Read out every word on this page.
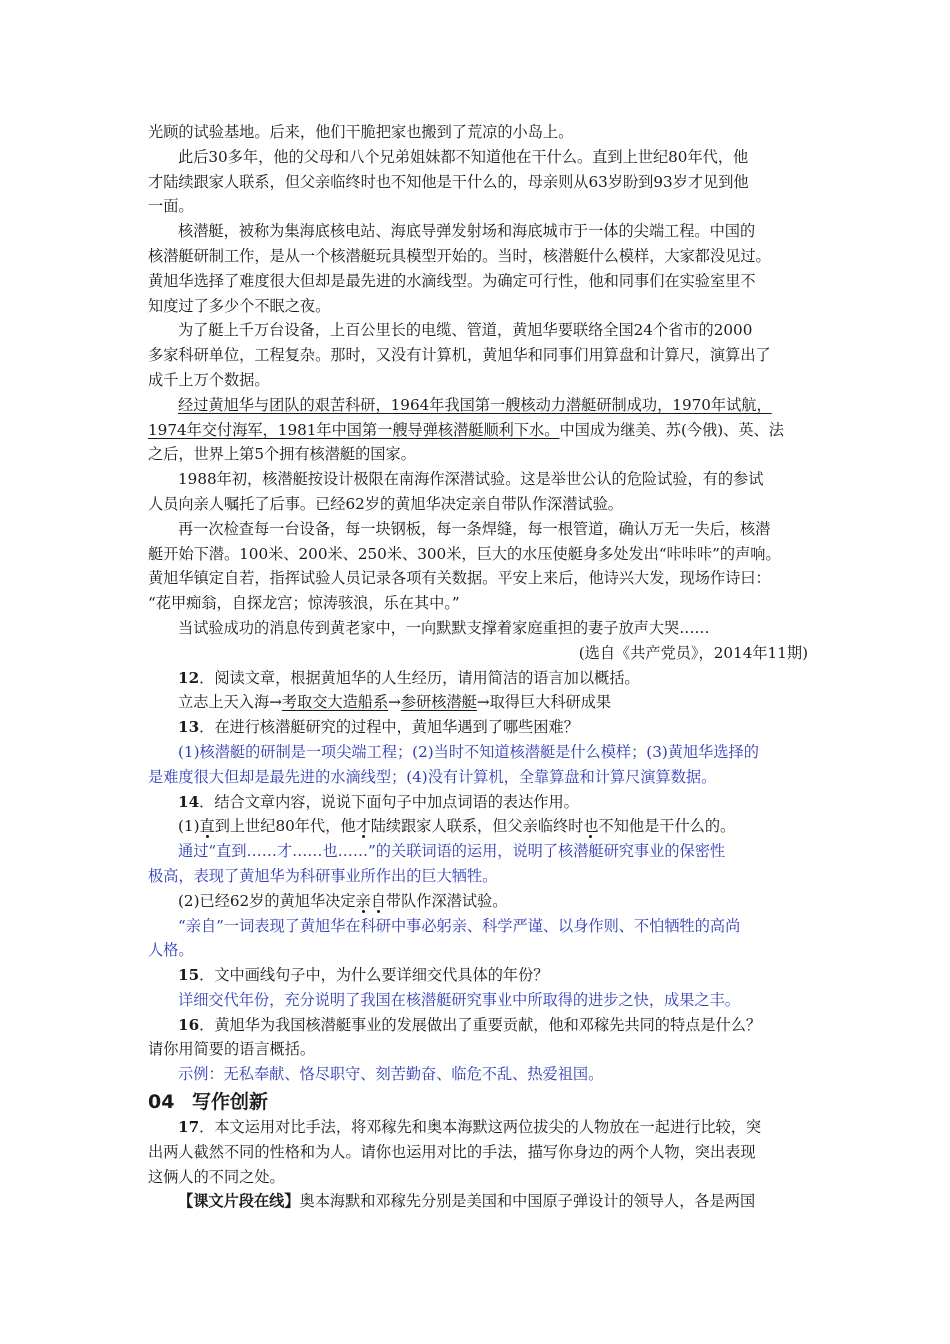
光顾的试验基地。后来，他们干脆把家也搬到了荒凉的小岛上。
此后30多年，他的父母和八个兄弟姐妹都不知道他在干什么。直到上世纪80年代，他
才陆续跟家人联系，但父亲临终时也不知他是干什么的，母亲则从63岁盼到93岁才见到他
一面。
核潜艇，被称为集海底核电站、海底导弹发射场和海底城市于一体的尖端工程。中国的
核潜艇研制工作，是从一个核潜艇玩具模型开始的。当时，核潜艇什么模样，大家都没见过。
黄旭华选择了难度很大但却是最先进的水滴线型。为确定可行性，他和同事们在实验室里不
知度过了多少个不眠之夜。
为了艇上千万台设备，上百公里长的电缆、管道，黄旭华要联络全国24个省市的2000
多家科研单位，工程复杂。那时，又没有计算机，黄旭华和同事们用算盘和计算尺，演算出了
成千上万个数据。
经过黄旭华与团队的艰苦科研，1964年我国第一艘核动力潜艇研制成功，1970年试航，
1974年交付海军，1981年中国第一艘导弹核潜艇顺利下水。中国成为继美、苏(今俄)、英、法
之后，世界上第5个拥有核潜艇的国家。
1988年初，核潜艇按设计极限在南海作深潜试验。这是举世公认的危险试验，有的参试
人员向亲人嘱托了后事。已经62岁的黄旭华决定亲自带队作深潜试验。
再一次检查每一台设备，每一块钢板，每一条焊缝，每一根管道，确认万无一失后，核潜
艇开始下潜。100米、200米、250米、300米，巨大的水压使艇身多处发出“咔咔咔”的声响。
黄旭华镇定自若，指挥试验人员记录各项有关数据。平安上来后，他诗兴大发，现场作诗曰：
“花甲痴翁，自探龙宫；惊涛骇浪，乐在其中。”
当试验成功的消息传到黄老家中，一向默默支撑着家庭重担的妻子放声大哭……
(选自《共产党员》，2014年11期)
12．阅读文章，根据黄旭华的人生经历，请用简洁的语言加以概括。
立志上天入海→考取交大造船系→参研核潜艇→取得巨大科研成果
13．在进行核潜艇研究的过程中，黄旭华遇到了哪些困难？
(1)核潜艇的研制是一项尖端工程；(2)当时不知道核潜艇是什么模样；(3)黄旭华选择的
是难度很大但却是最先进的水滴线型；(4)没有计算机，全靠算盘和计算尺演算数据。
14．结合文章内容，说说下面句子中加点词语的表达作用。
(1)直到上世纪80年代，他才陆续跟家人联系，但父亲临终时也不知他是干什么的。
通过“直到……才……也……”的关联词语的运用，说明了核潜艇研究事业的保密性
极高，表现了黄旭华为科研事业所作出的巨大牺牲。
(2)已经62岁的黄旭华决定亲自带队作深潜试验。
“亲自”一词表现了黄旭华在科研中事必躬亲、科学严谨、以身作则、不怕牺牲的高尚
人格。
15．文中画线句子中，为什么要详细交代具体的年份？
详细交代年份，充分说明了我国在核潜艇研究事业中所取得的进步之快，成果之丰。
16．黄旭华为我国核潜艇事业的发展做出了重要贡献，他和邓稼先共同的特点是什么？
请你用简要的语言概括。
示例：无私奉献、恪尽职守、刻苦勤奋、临危不乱、热爱祖国。
04 写作创新
17．本文运用对比手法，将邓稼先和奥本海默这两位拔尖的人物放在一起进行比较，突
出两人截然不同的性格和为人。请你也运用对比的手法，描写你身边的两个人物，突出表现
这俩人的不同之处。
【课文片段在线】奥本海默和邓稼先分别是美国和中国原子弹设计的领导人，各是两国
